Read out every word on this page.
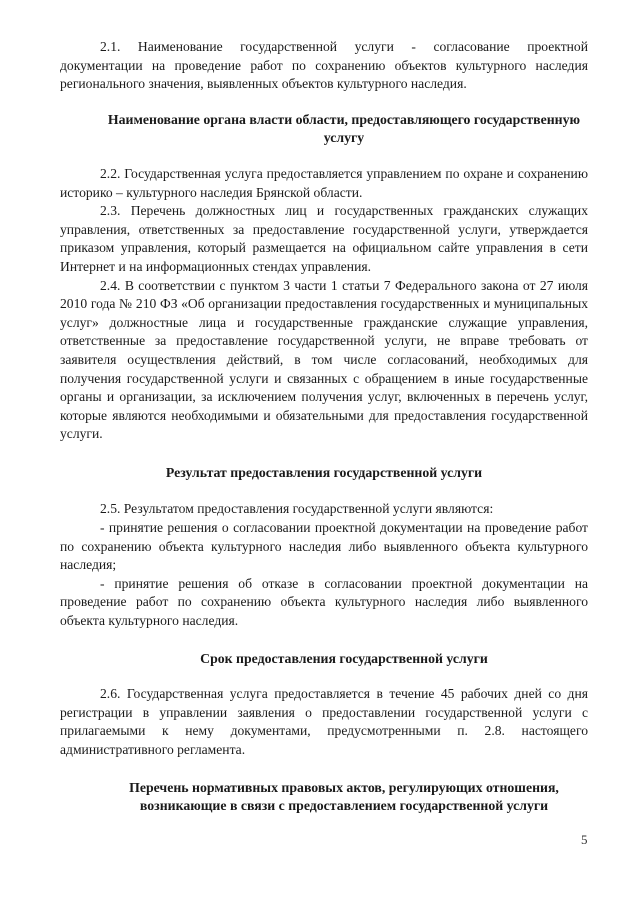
2.1. Наименование государственной услуги - согласование проектной документации на проведение работ по сохранению объектов культурного наследия регионального значения, выявленных объектов культурного наследия.

Наименование органа власти области, предоставляющего государственную услугу

2.2. Государственная услуга предоставляется управлением по охране и сохранению историко – культурного наследия Брянской области.

2.3. Перечень должностных лиц и государственных гражданских служащих управления, ответственных за предоставление государственной услуги, утверждается приказом управления, который размещается на официальном сайте управления в сети Интернет и на информационных стендах управления.

2.4. В соответствии с пунктом 3 части 1 статьи 7 Федерального закона от 27 июля 2010 года № 210 ФЗ «Об организации предоставления государственных и муниципальных услуг» должностные лица и государственные гражданские служащие управления, ответственные за предоставление государственной услуги, не вправе требовать от заявителя осуществления действий, в том числе согласований, необходимых для получения государственной услуги и связанных с обращением в иные государственные органы и организации, за исключением получения услуг, включенных в перечень услуг, которые являются необходимыми и обязательными для предоставления государственной услуги.

Результат предоставления государственной услуги

2.5. Результатом предоставления государственной услуги являются:

- принятие решения о согласовании проектной документации на проведение работ по сохранению объекта культурного наследия либо выявленного объекта культурного наследия;

- принятие решения об отказе в согласовании проектной документации на проведение работ по сохранению объекта культурного наследия либо выявленного объекта культурного наследия.

Срок предоставления государственной услуги

2.6. Государственная услуга предоставляется в течение 45 рабочих дней со дня регистрации в управлении заявления о предоставлении государственной услуги с прилагаемыми к нему документами, предусмотренными п. 2.8. настоящего административного регламента.

Перечень нормативных правовых актов, регулирующих отношения, возникающие в связи с предоставлением государственной услуги
5
